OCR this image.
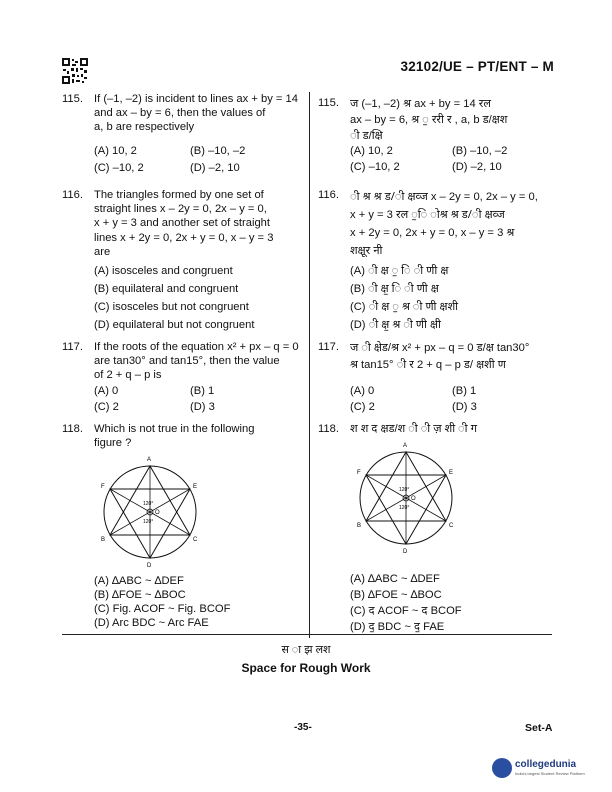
32102/UE – PT/ENT – M
115. If (–1, –2) is incident to lines ax + by = 14
and ax – by = 6, then the values of
a, b are respectively
(A) 10, 2	(B) –10, –2
(C) –10, 2	(D) –2, 10
116. The triangles formed by one set of
straight lines x – 2y = 0, 2x – y = 0,
x + y = 3 and another set of straight
lines x + 2y = 0, 2x + y = 0, x – y = 3
are
(A) isosceles and congruent
(B) equilateral and congruent
(C) isosceles but not congruent
(D) equilateral but not congruent
117. If the roots of the equation x² + px – q = 0
are tan30° and tan15°, then the value
of 2 + q – p is
(A) 0	(B) 1
(C) 2	(D) 3
118. Which is not true in the following
figure ?
A
F	E
B	C
D
O
120°
120°
(A) ∆ABC ~ ∆DEF
(B) ∆FOE ~ ∆BOC
(C) Fig. ACOF ~ Fig. BCOF
(D) Arc BDC ~ Arc FAE
115. ज (–1, –2) श्र ax + by = 14 रल
ax – by = 6, श्र ॒ ररी र , a, b ड/क्षश
ी ड/क्षि
(A) 10, 2	(B) –10, –2
(C) –10, 2	(D) –2, 10
116. ी श्र श्र ड/ी क्षव्ज x – 2y = 0, 2x – y = 0,
x + y = 3 रल ॒ि ोश्र श्र ड/ी क्षव्ज
x + 2y = 0, 2x + y = 0, x – y = 3 श्र
शक्षूर नी
(A) ी क्ष ॒ ि ी णी क्ष
(B) ी क्ष॒ ि ी णी क्ष
(C) ी क्ष ॒ श्र ी णी क्षशी
(D) ी क्ष॒ श्र ी णी क्षी
117. ज ी क्षेड/श्र x² + px – q = 0 ड/क्ष tan30°
श्र tan15° ी र 2 + q – p ड/ क्षशी ण
(A) 0	(B) 1
(C) 2	(D) 3
118. श श द क्षड/श ी ी ज़ शी ी ग
A
F	E
B	C
D
O
120°
120°
(A) ∆ABC ~ ∆DEF
(B) ∆FOE ~ ∆BOC
(C) द ACOF ~ द BCOF
(D) द॒ BDC ~ द॒ FAE
स ा झ लश
Space for Rough Work
-35-	Set-A
collegedunia
India's largest Student Review Platform
